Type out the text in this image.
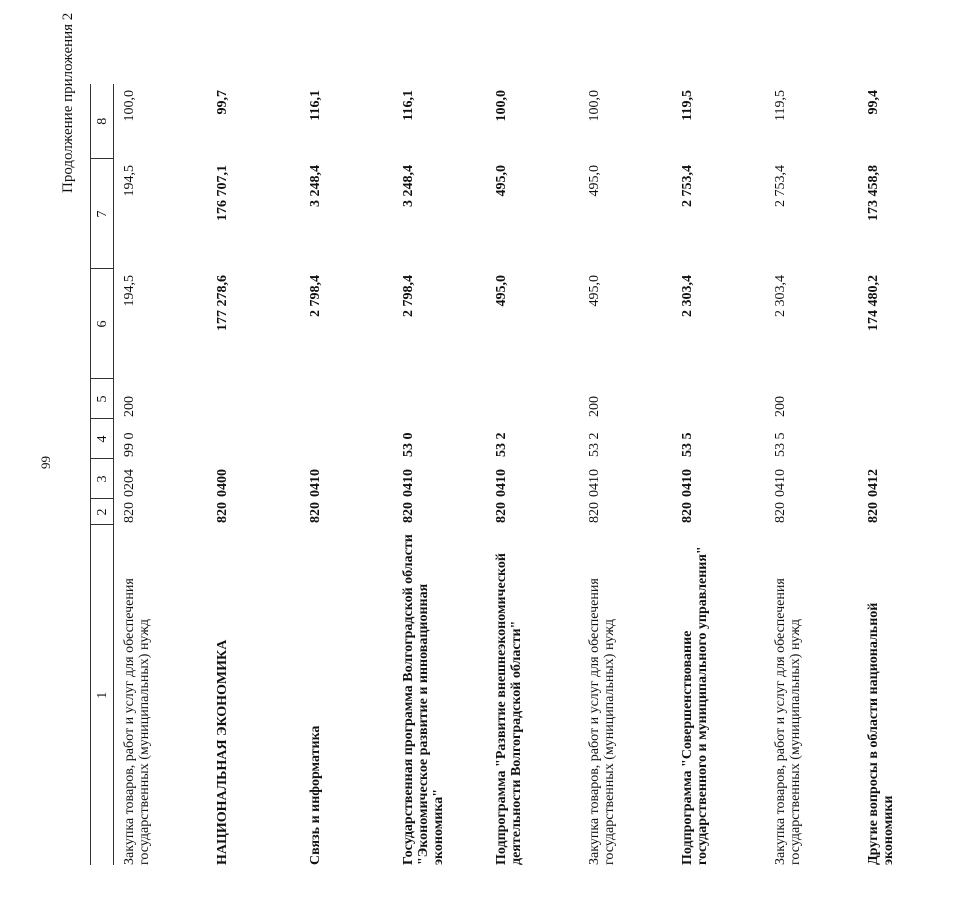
99
Продолжение приложения 2
1	2	3	4	5	6	7	8
Закупка товаров, работ и услуг для обеспечения государственных (муниципальных) нужд	820	0204	99 0	200	194,5	194,5	100,0
НАЦИОНАЛЬНАЯ ЭКОНОМИКА	820	0400			177 278,6	176 707,1	99,7
Связь и информатика	820	0410			2 798,4	3 248,4	116,1
Государственная программа Волгоградской области "Экономическое развитие и инновационная экономика"	820	0410	53 0		2 798,4	3 248,4	116,1
Подпрограмма "Развитие внешнеэкономической деятельности Волгоградской области"	820	0410	53 2		495,0	495,0	100,0
Закупка товаров, работ и услуг для обеспечения государственных (муниципальных) нужд	820	0410	53 2	200	495,0	495,0	100,0
Подпрограмма "Совершенствование государственного и муниципального управления"	820	0410	53 5		2 303,4	2 753,4	119,5
Закупка товаров, работ и услуг для обеспечения государственных (муниципальных) нужд	820	0410	53 5	200	2 303,4	2 753,4	119,5
Другие вопросы в области национальной экономики	820	0412			174 480,2	173 458,8	99,4
